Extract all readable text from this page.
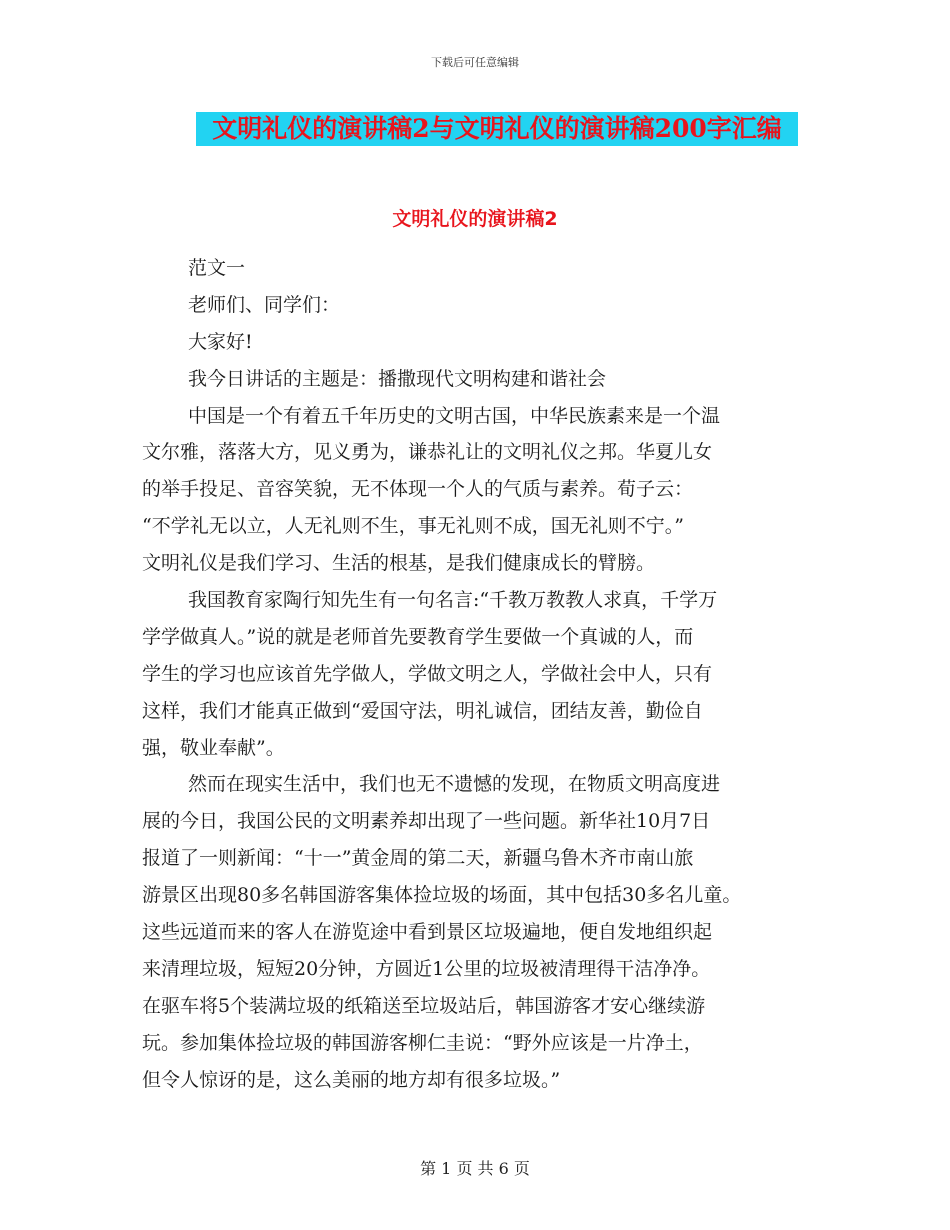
下载后可任意编辑
文明礼仪的演讲稿2与文明礼仪的演讲稿200字汇编
文明礼仪的演讲稿2
范文一
老师们、同学们：
大家好!
我今日讲话的主题是：播撒现代文明构建和谐社会
中国是一个有着五千年历史的文明古国，中华民族素来是一个温
文尔雅，落落大方，见义勇为，谦恭礼让的文明礼仪之邦。华夏儿女
的举手投足、音容笑貌，无不体现一个人的气质与素养。荀子云：
“不学礼无以立，人无礼则不生，事无礼则不成，国无礼则不宁。”
文明礼仪是我们学习、生活的根基，是我们健康成长的臂膀。
我国教育家陶行知先生有一句名言:“千教万教教人求真，千学万
学学做真人。”说的就是老师首先要教育学生要做一个真诚的人，而
学生的学习也应该首先学做人，学做文明之人，学做社会中人，只有
这样，我们才能真正做到“爱国守法，明礼诚信，团结友善，勤俭自
强，敬业奉献”。
然而在现实生活中，我们也无不遗憾的发现，在物质文明高度进
展的今日，我国公民的文明素养却出现了一些问题。新华社10月7日
报道了一则新闻：“十一”黄金周的第二天，新疆乌鲁木齐市南山旅
游景区出现80多名韩国游客集体捡垃圾的场面，其中包括30多名儿童。
这些远道而来的客人在游览途中看到景区垃圾遍地，便自发地组织起
来清理垃圾，短短20分钟，方圆近1公里的垃圾被清理得干洁净净。
在驱车将5个装满垃圾的纸箱送至垃圾站后，韩国游客才安心继续游
玩。参加集体捡垃圾的韩国游客柳仁圭说：“野外应该是一片净土，
但令人惊讶的是，这么美丽的地方却有很多垃圾。”
第 1 页 共 6 页
